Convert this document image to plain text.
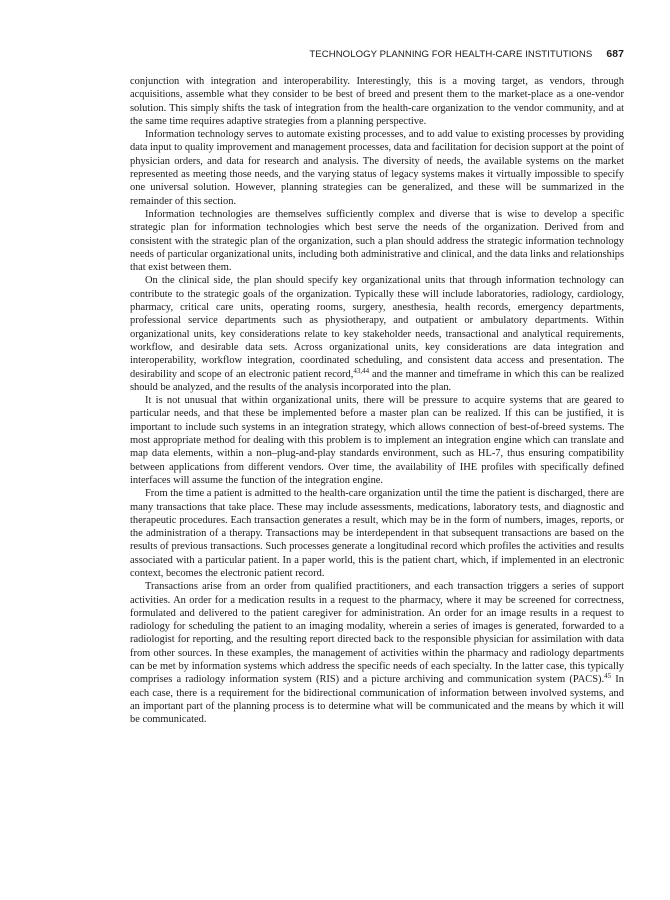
TECHNOLOGY PLANNING FOR HEALTH-CARE INSTITUTIONS 687

conjunction with integration and interoperability. Interestingly, this is a moving target, as vendors, through acquisitions, assemble what they consider to be best of breed and present them to the market-place as a one-vendor solution. This simply shifts the task of integration from the health-care organization to the vendor community, and at the same time requires adaptive strategies from a planning perspective.

Information technology serves to automate existing processes, and to add value to existing processes by providing data input to quality improvement and management processes, data and facilitation for decision support at the point of physician orders, and data for research and analysis. The diversity of needs, the available systems on the market represented as meeting those needs, and the varying status of legacy systems makes it virtually impossible to specify one universal solution. However, planning strategies can be generalized, and these will be summarized in the remainder of this section.

Information technologies are themselves sufficiently complex and diverse that is wise to develop a specific strategic plan for information technologies which best serve the needs of the organization. Derived from and consistent with the strategic plan of the organization, such a plan should address the strategic information technology needs of particular organizational units, including both administrative and clinical, and the data links and relationships that exist between them.

On the clinical side, the plan should specify key organizational units that through information technology can contribute to the strategic goals of the organization. Typically these will include laboratories, radiology, cardiology, pharmacy, critical care units, operating rooms, surgery, anesthesia, health records, emergency departments, professional service departments such as physiotherapy, and outpatient or ambulatory departments. Within organizational units, key considerations relate to key stakeholder needs, transactional and analytical requirements, workflow, and desirable data sets. Across organizational units, key considerations are data integration and interoperability, workflow integration, coordinated scheduling, and consistent data access and presentation. The desirability and scope of an electronic patient record,$^{43,44}$ and the manner and timeframe in which this can be realized should be analyzed, and the results of the analysis incorporated into the plan.

It is not unusual that within organizational units, there will be pressure to acquire systems that are geared to particular needs, and that these be implemented before a master plan can be realized. If this can be justified, it is important to include such systems in an integration strategy, which allows connection of best-of-breed systems. The most appropriate method for dealing with this problem is to implement an integration engine which can translate and map data elements, within a non–plug-and-play standards environment, such as HL-7, thus ensuring compatibility between applications from different vendors. Over time, the availability of IHE profiles with specifically defined interfaces will assume the function of the integration engine.

From the time a patient is admitted to the health-care organization until the time the patient is discharged, there are many transactions that take place. These may include assessments, medications, laboratory tests, and diagnostic and therapeutic procedures. Each transaction generates a result, which may be in the form of numbers, images, reports, or the administration of a therapy. Transactions may be interdependent in that subsequent transactions are based on the results of previous transactions. Such processes generate a longitudinal record which profiles the activities and results associated with a particular patient. In a paper world, this is the patient chart, which, if implemented in an electronic context, becomes the electronic patient record.

Transactions arise from an order from qualified practitioners, and each transaction triggers a series of support activities. An order for a medication results in a request to the pharmacy, where it may be screened for correctness, formulated and delivered to the patient caregiver for administration. An order for an image results in a request to radiology for scheduling the patient to an imaging modality, wherein a series of images is generated, forwarded to a radiologist for reporting, and the resulting report directed back to the responsible physician for assimilation with data from other sources. In these examples, the management of activities within the pharmacy and radiology departments can be met by information systems which address the specific needs of each specialty. In the latter case, this typically comprises a radiology information system (RIS) and a picture archiving and communication system (PACS).$^{45}$ In each case, there is a requirement for the bidirectional communication of information between involved systems, and an important part of the planning process is to determine what will be communicated and the means by which it will be communicated.
